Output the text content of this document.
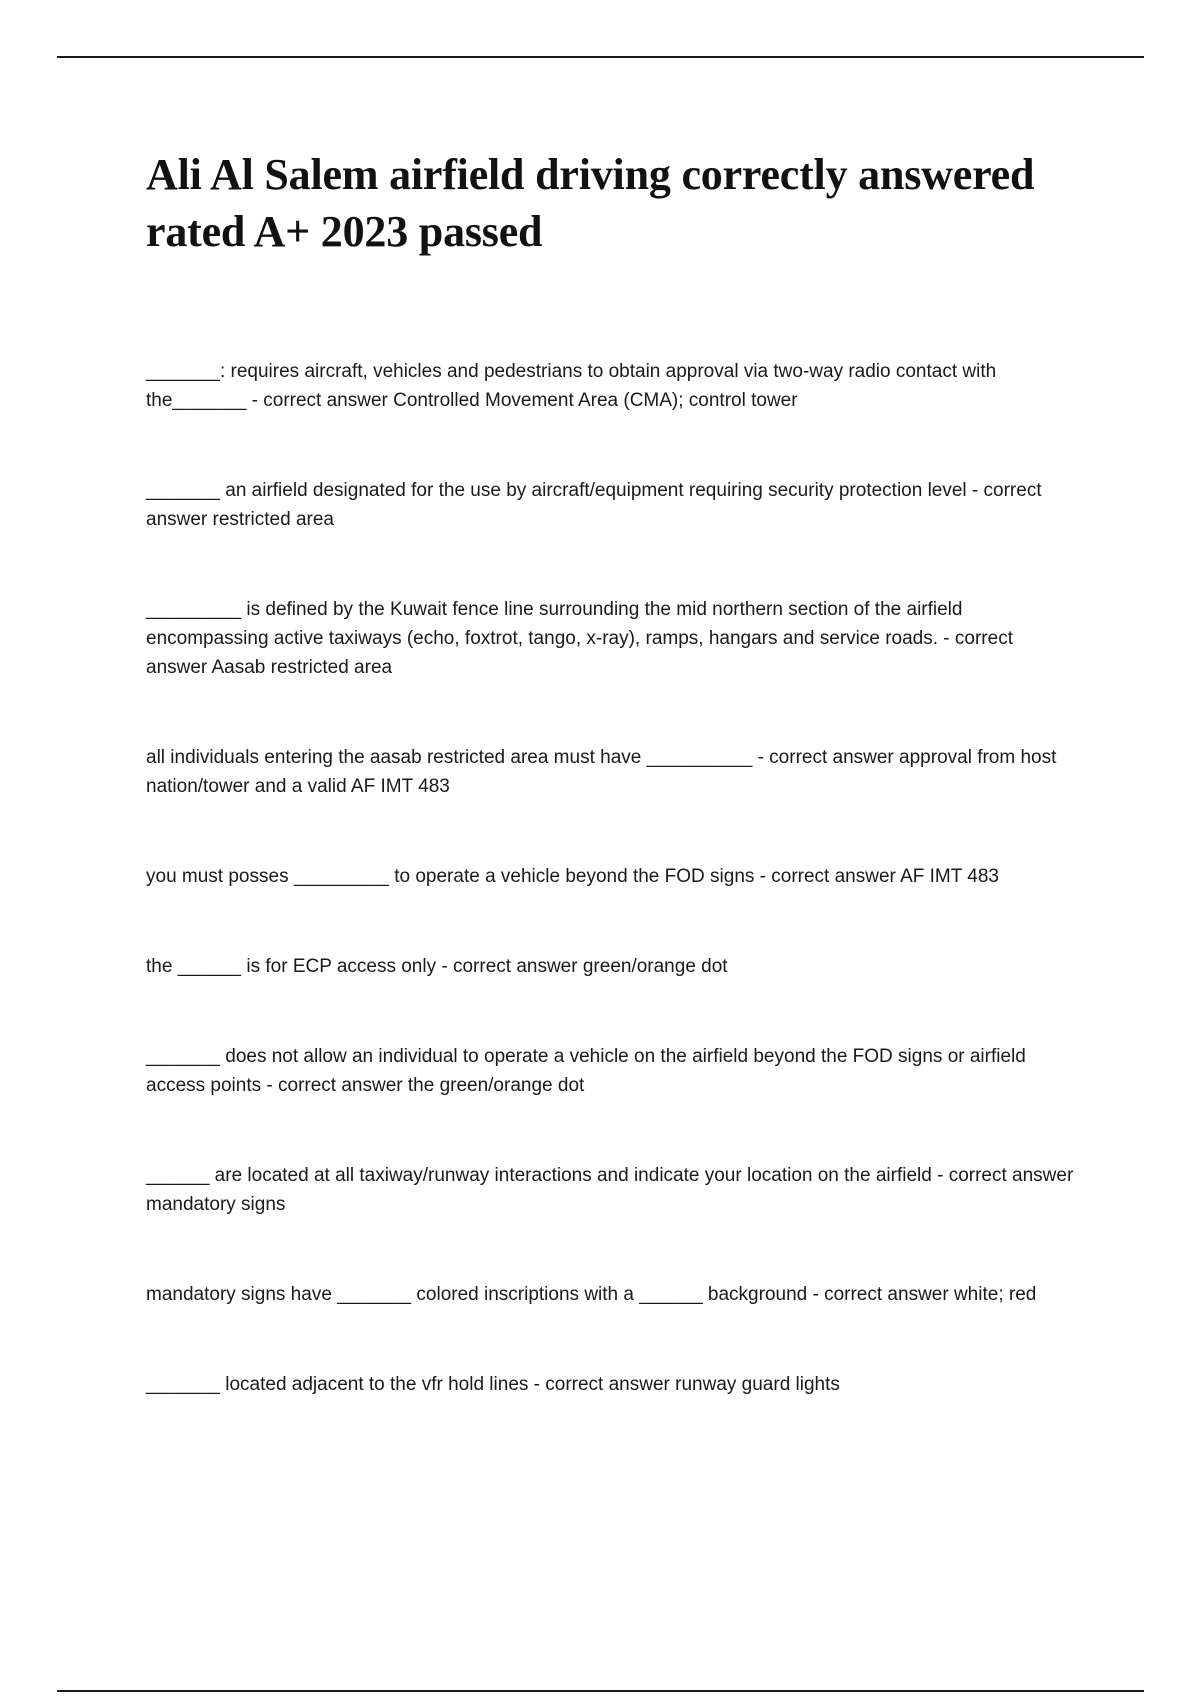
Ali Al Salem airfield driving correctly answered rated A+ 2023 passed

_______: requires aircraft, vehicles and pedestrians to obtain approval via two-way radio contact with the_______ - correct answer Controlled Movement Area (CMA); control tower

_______ an airfield designated for the use by aircraft/equipment requiring security protection level - correct answer restricted area

_________ is defined by the Kuwait fence line surrounding the mid northern section of the airfield encompassing active taxiways (echo, foxtrot, tango, x-ray), ramps, hangars and service roads. - correct answer Aasab restricted area

all individuals entering the aasab restricted area must have __________ - correct answer approval from host nation/tower and a valid AF IMT 483

you must posses _________ to operate a vehicle beyond the FOD signs - correct answer AF IMT 483

the ______ is for ECP access only - correct answer green/orange dot

_______ does not allow an individual to operate a vehicle on the airfield beyond the FOD signs or airfield access points - correct answer the green/orange dot

______ are located at all taxiway/runway interactions and indicate your location on the airfield - correct answer mandatory signs

mandatory signs have _______ colored inscriptions with a ______ background - correct answer white; red

_______ located adjacent to the vfr hold lines - correct answer runway guard lights
